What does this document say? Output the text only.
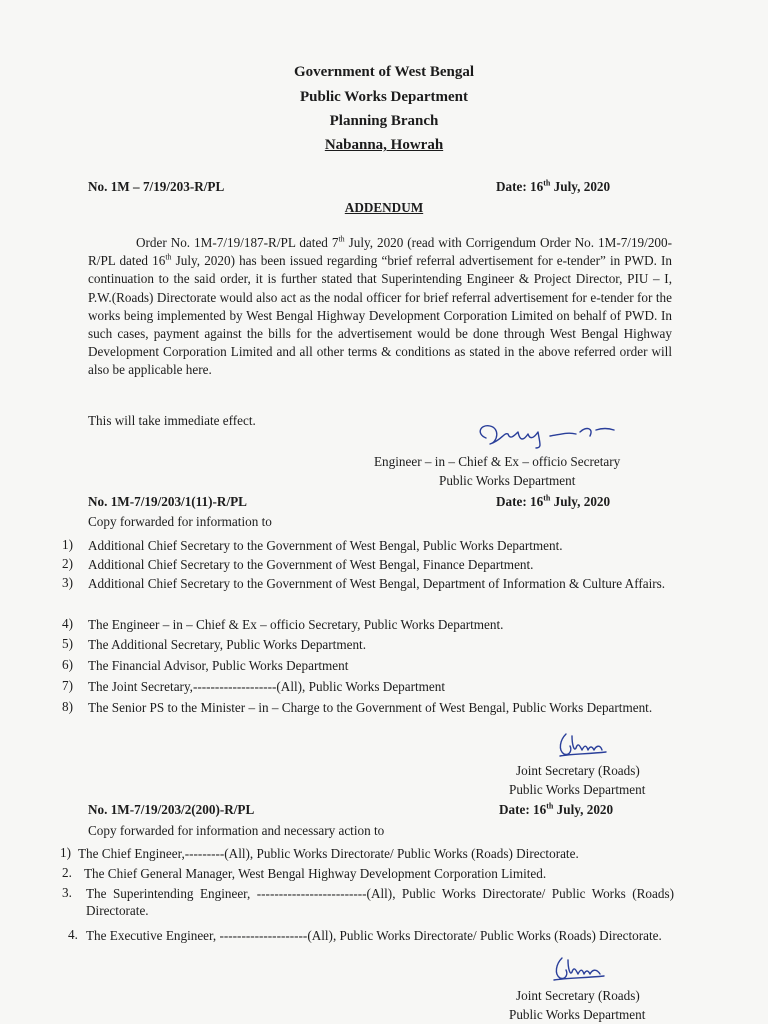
Government of West Bengal
Public Works Department
Planning Branch
Nabanna, Howrah
No. 1M – 7/19/203-R/PL	Date: 16th July, 2020
ADDENDUM
Order No. 1M-7/19/187-R/PL dated 7th July, 2020 (read with Corrigendum Order No. 1M-7/19/200-R/PL dated 16th July, 2020) has been issued regarding “brief referral advertisement for e-tender” in PWD. In continuation to the said order, it is further stated that Superintending Engineer & Project Director, PIU – I, P.W.(Roads) Directorate would also act as the nodal officer for brief referral advertisement for e-tender for the works being implemented by West Bengal Highway Development Corporation Limited on behalf of PWD. In such cases, payment against the bills for the advertisement would be done through West Bengal Highway Development Corporation Limited and all other terms & conditions as stated in the above referred order will also be applicable here.
This will take immediate effect.
Engineer – in – Chief & Ex – officio Secretary
Public Works Department
No. 1M-7/19/203/1(11)-R/PL	Date: 16th July, 2020
Copy forwarded for information to
1) Additional Chief Secretary to the Government of West Bengal, Public Works Department.
2) Additional Chief Secretary to the Government of West Bengal, Finance Department.
3) Additional Chief Secretary to the Government of West Bengal, Department of Information & Culture Affairs.
4) The Engineer – in – Chief & Ex – officio Secretary, Public Works Department.
5) The Additional Secretary, Public Works Department.
6) The Financial Advisor, Public Works Department
7) The Joint Secretary,-------------------(All), Public Works Department
8) The Senior PS to the Minister – in – Charge to the Government of West Bengal, Public Works Department.
Joint Secretary (Roads)
Public Works Department
No. 1M-7/19/203/2(200)-R/PL	Date: 16th July, 2020
Copy forwarded for information and necessary action to
1) The Chief Engineer,---------(All), Public Works Directorate/ Public Works (Roads) Directorate.
2. The Chief General Manager, West Bengal Highway Development Corporation Limited.
3. The Superintending Engineer, -------------------------(All), Public Works Directorate/ Public Works (Roads) Directorate.
4. The Executive Engineer, --------------------(All), Public Works Directorate/ Public Works (Roads) Directorate.
Joint Secretary (Roads)
Public Works Department
